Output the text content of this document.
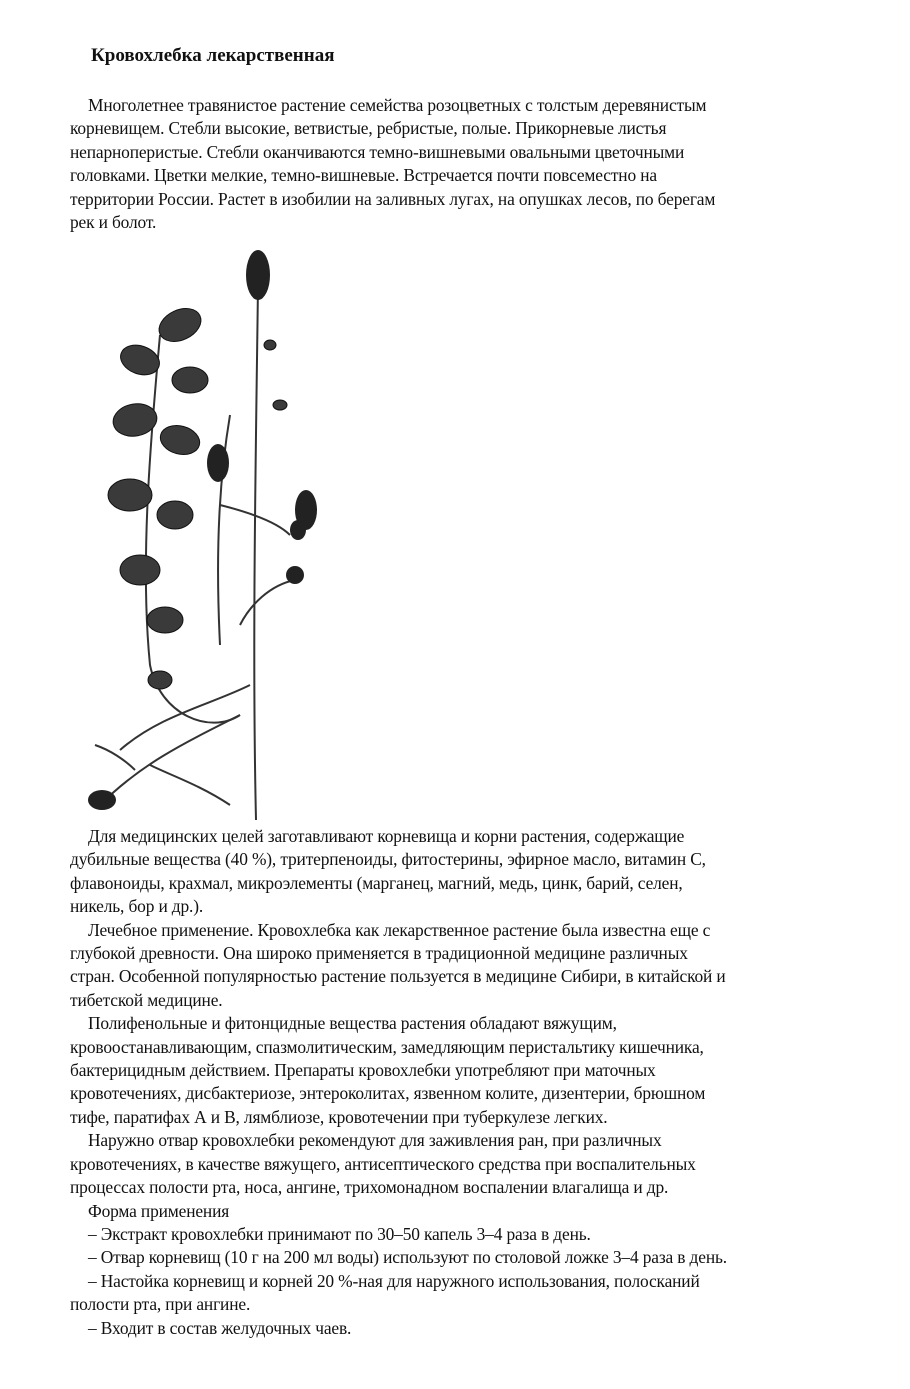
Кровохлебка лекарственная
Многолетнее травянистое растение семейства розоцветных с толстым деревянистым
корневищем. Стебли высокие, ветвистые, ребристые, полые. Прикорневые листья
непарноперистые. Стебли оканчиваются темно-вишневыми овальными цветочными
головками. Цветки мелкие, темно-вишневые. Встречается почти повсеместно на
территории России. Растет в изобилии на заливных лугах, на опушках лесов, по берегам
рек и болот.
Для медицинских целей заготавливают корневища и корни растения, содержащие
дубильные вещества (40 %), тритерпеноиды, фитостерины, эфирное масло, витамин С,
флавоноиды, крахмал, микроэлементы (марганец, магний, медь, цинк, барий, селен,
никель, бор и др.).
Лечебное применение. Кровохлебка как лекарственное растение была известна еще с
глубокой древности. Она широко применяется в традиционной медицине различных
стран. Особенной популярностью растение пользуется в медицине Сибири, в китайской и
тибетской медицине.
Полифенольные и фитонцидные вещества растения обладают вяжущим,
кровоостанавливающим, спазмолитическим, замедляющим перистальтику кишечника,
бактерицидным действием. Препараты кровохлебки употребляют при маточных
кровотечениях, дисбактериозе, энтероколитах, язвенном колите, дизентерии, брюшном
тифе, паратифах А и В, лямблиозе, кровотечении при туберкулезе легких.
Наружно отвар кровохлебки рекомендуют для заживления ран, при различных
кровотечениях, в качестве вяжущего, антисептического средства при воспалительных
процессах полости рта, носа, ангине, трихомонадном воспалении влагалища и др.
Форма применения
– Экстракт кровохлебки принимают по 30–50 капель 3–4 раза в день.
– Отвар корневищ (10 г на 200 мл воды) используют по столовой ложке 3–4 раза в день.
– Настойка корневищ и корней 20 %-ная для наружного использования, полосканий
полости рта, при ангине.
– Входит в состав желудочных чаев.
